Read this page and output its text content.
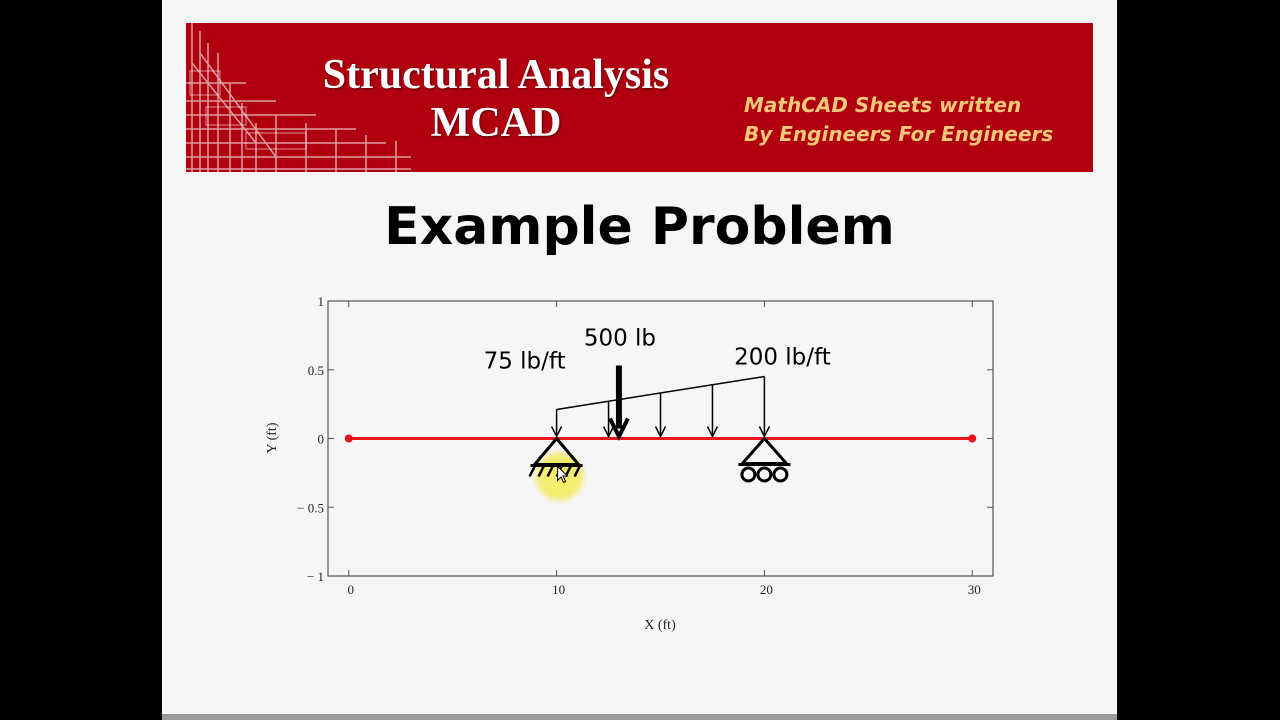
Structural Analysis
MCAD	MathCAD Sheets written
By Engineers For Engineers
Example Problem
0	10	20	30
1
0.5
0
− 0.5
− 1
X (ft)
Y (ft)
500 lb
75 lb/ft	200 lb/ft
